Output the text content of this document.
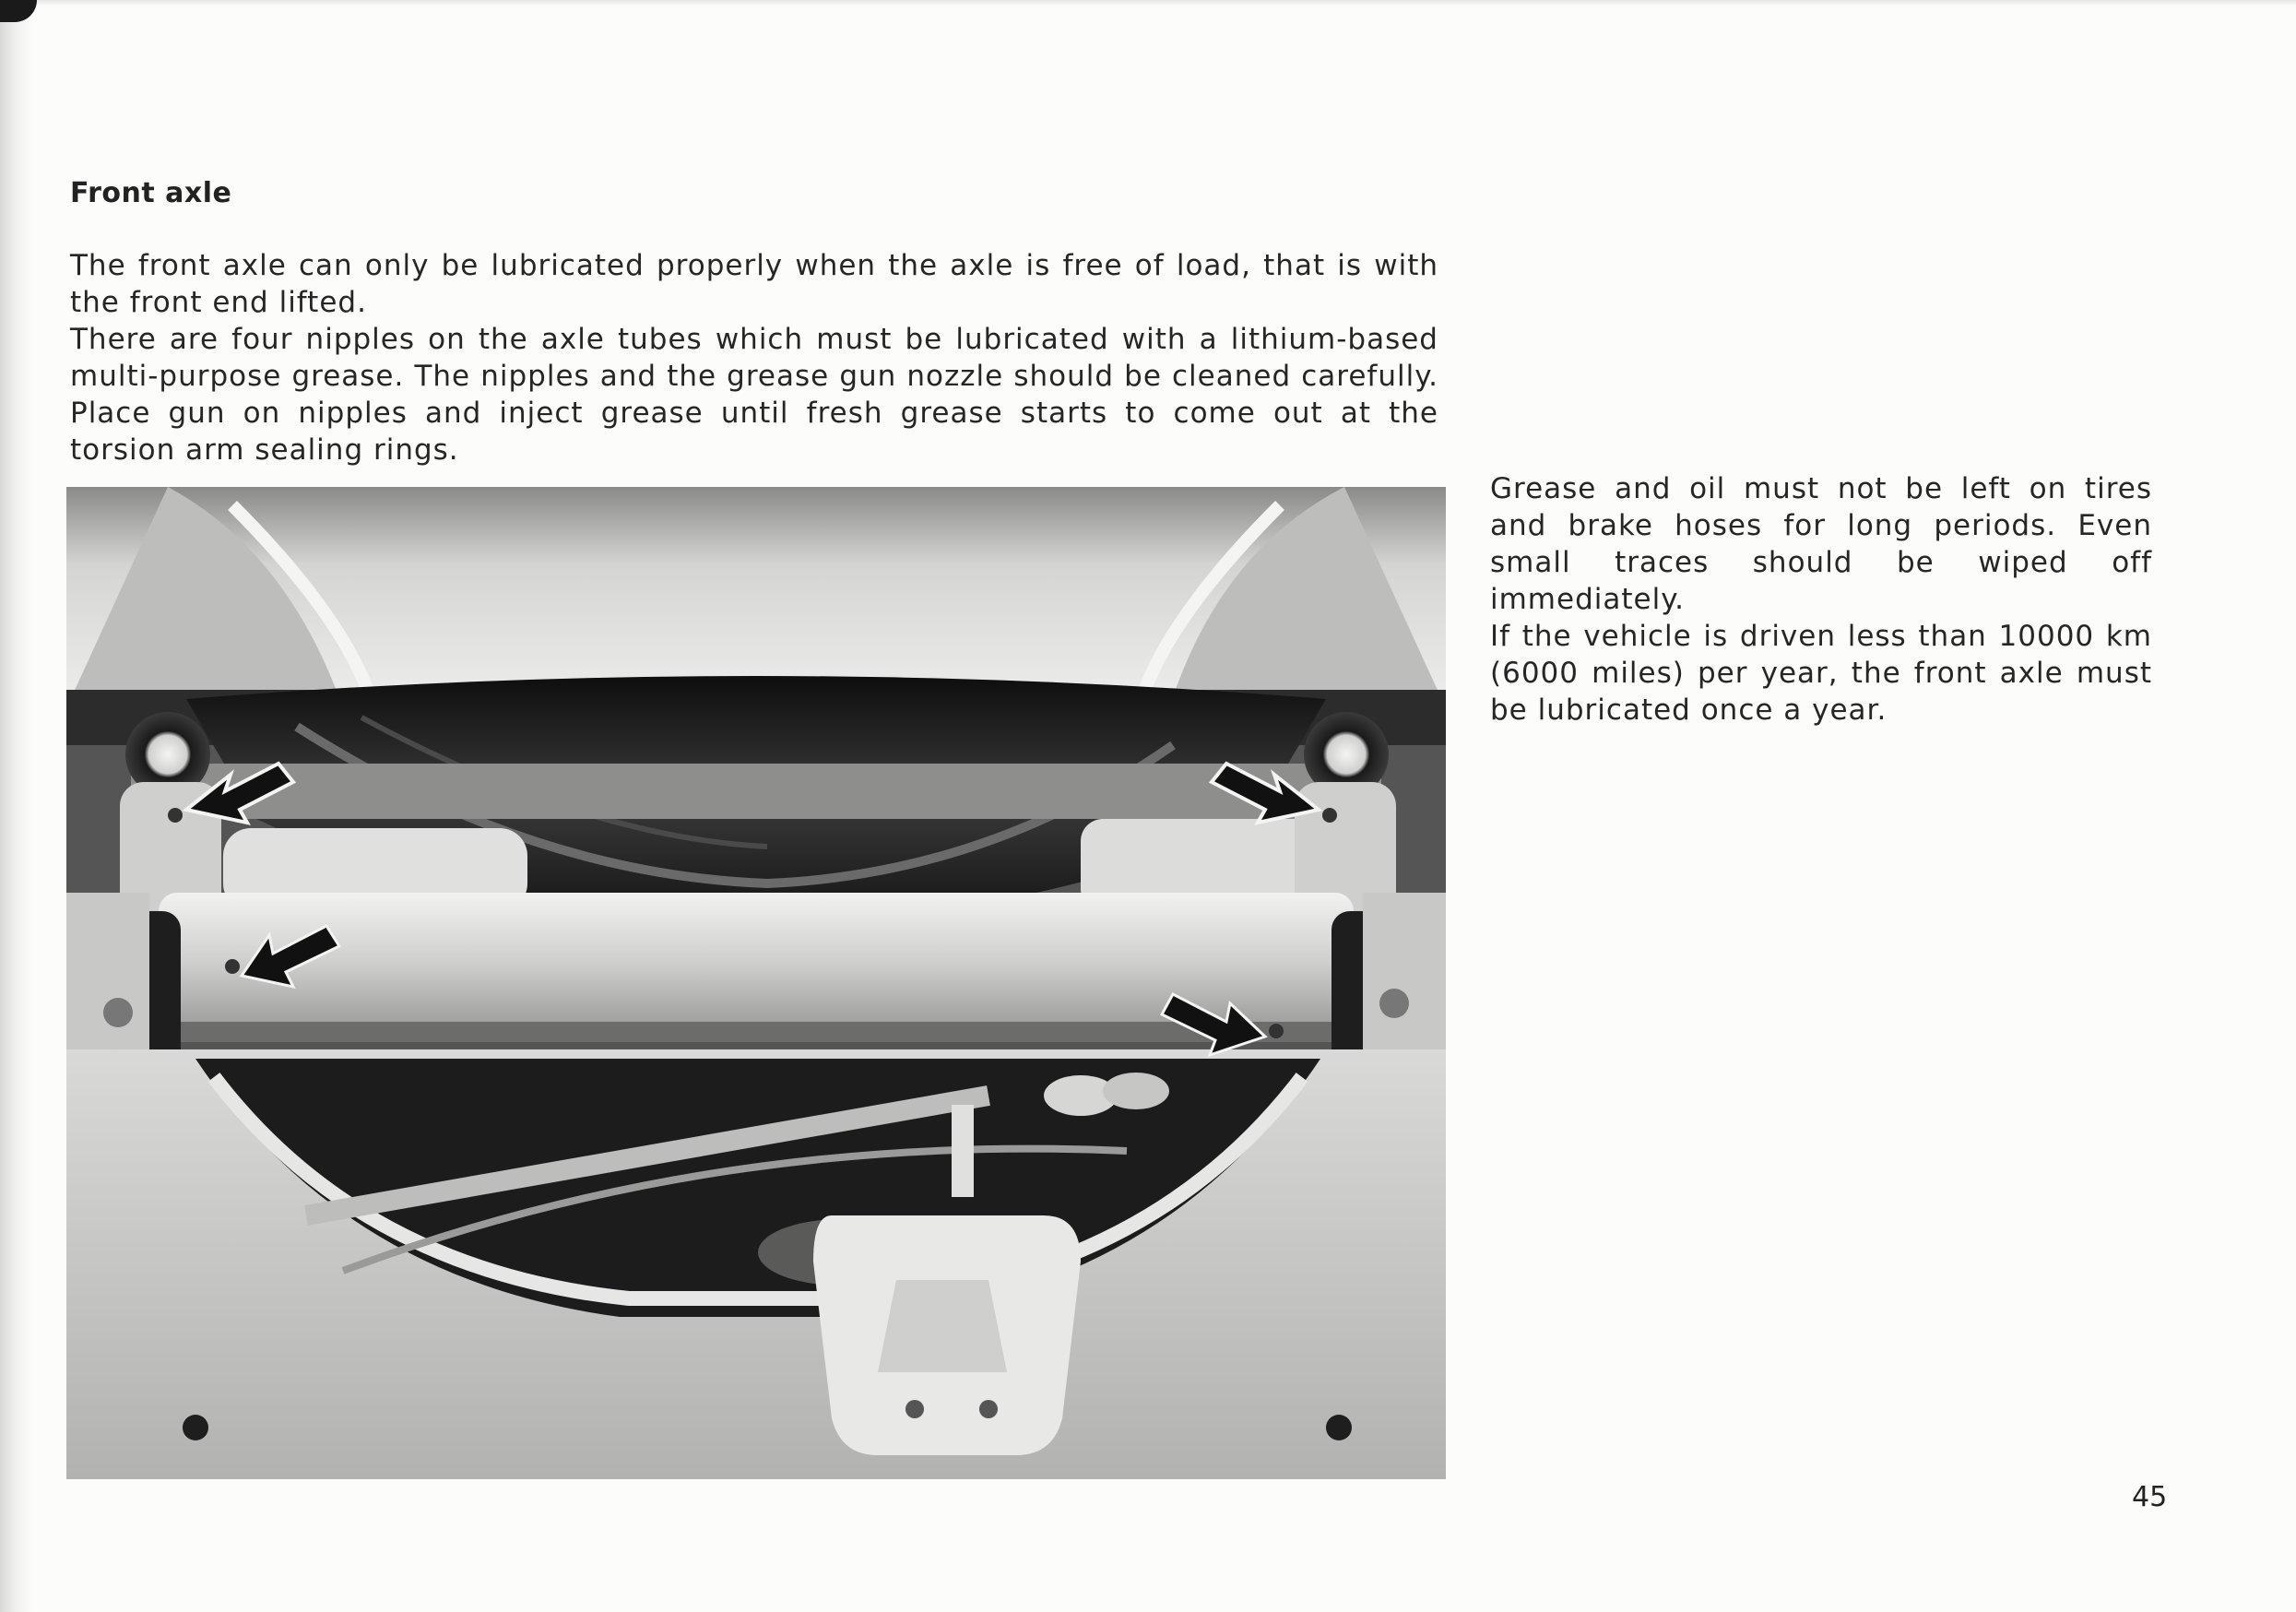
Front axle

The front axle can only be lubricated properly when the axle is free of load, that is with the front end lifted.

There are four nipples on the axle tubes which must be lubricated with a lithium-based multi-purpose grease. The nipples and the grease gun nozzle should be cleaned carefully. Place gun on nipples and inject grease until fresh grease starts to come out at the torsion arm sealing rings.

Grease and oil must not be left on tires and brake hoses for long periods. Even small traces should be wiped off immediately.

If the vehicle is driven less than 10000 km (6000 miles) per year, the front axle must be lubricated once a year.

45
